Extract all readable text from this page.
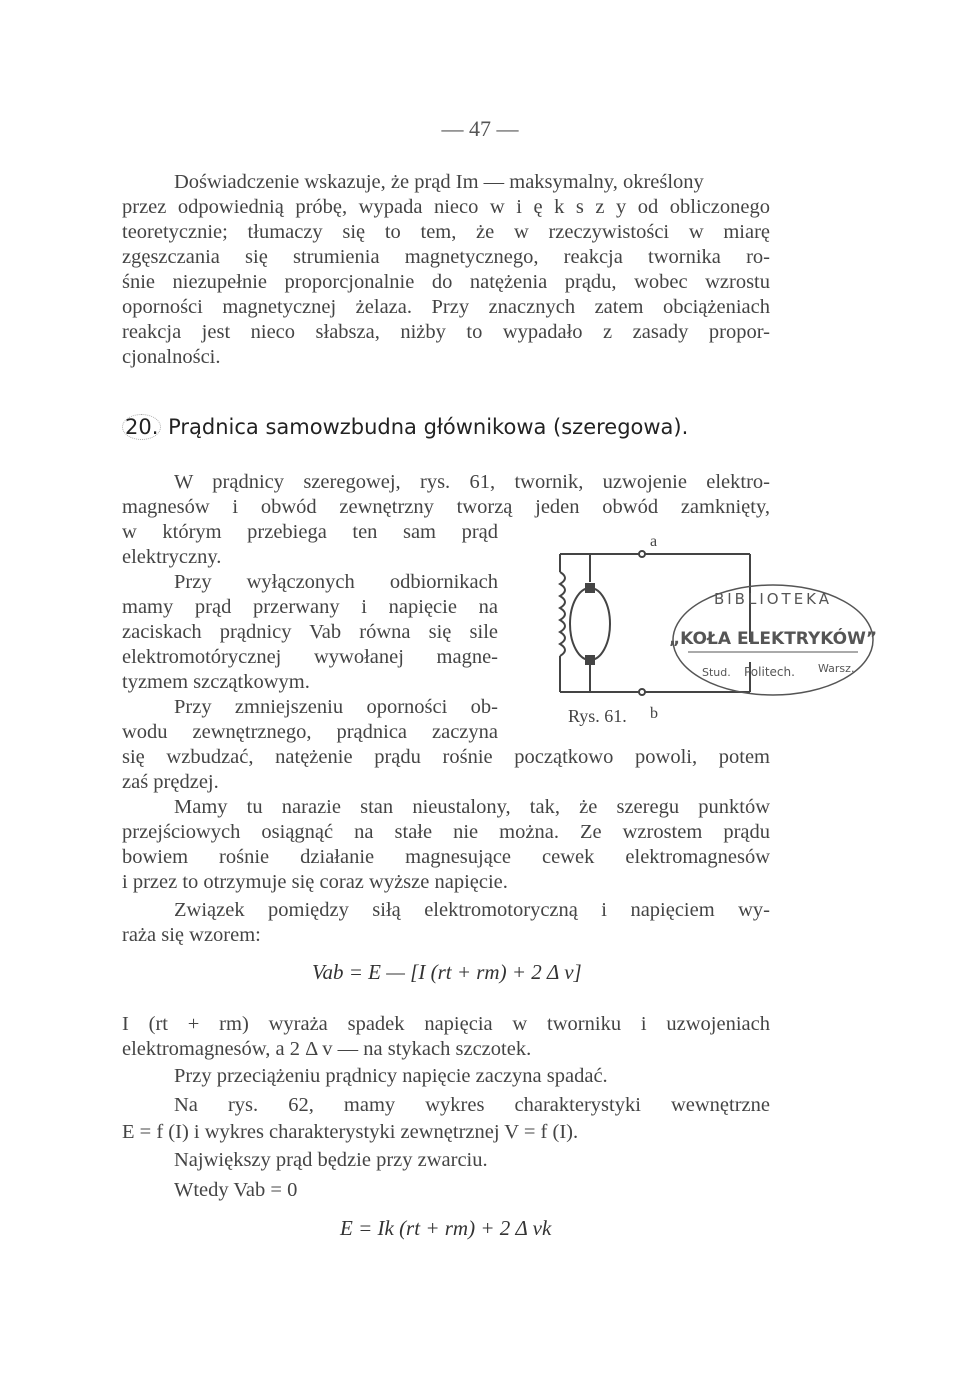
— 47 —
Doświadczenie wskazuje, że prąd Im — maksymalny, określony
przez odpowiednią próbę, wypada nieco w i ę k s z y od obliczonego
teoretycznie; tłumaczy się to tem, że w rzeczywistości w miarę
zgęszczania się strumienia magnetycznego, reakcja twornika ro-
śnie niezupełnie proporcjonalnie do natężenia prądu, wobec wzrostu
oporności magnetycznej żelaza. Przy znacznych zatem obciążeniach
reakcja jest nieco słabsza, niżby to wypadało z zasady propor-
cjonalności.
20. Prądnica samowzbudna głównikowa (szeregowa).
W prądnicy szeregowej, rys. 61, twornik, uzwojenie elektro-
magnesów i obwód zewnętrzny tworzą jeden obwód zamknięty,
w którym przebiega ten sam prąd
elektryczny.
Przy wyłączonych odbiornikach
mamy prąd przerwany i napięcie na
zaciskach prądnicy Vab równa się sile
elektromotórycznej wywołanej magne-
tyzmem szczątkowym.
Przy zmniejszeniu oporności ob-
wodu zewnętrznego, prądnica zaczyna
się wzbudzać, natężenie prądu rośnie początkowo powoli, potem
zaś prędzej.
Mamy tu narazie stan nieustalony, tak, że szeregu punktów
przejściowych osiągnąć na stałe nie można. Ze wzrostem prądu
bowiem rośnie działanie magnesujące cewek elektromagnesów
i przez to otrzymuje się coraz wyższe napięcie.
Związek pomiędzy siłą elektromotoryczną i napięciem wy-
raża się wzorem:
Vab = E — [I (rt + rm) + 2 Δ v]
I (rt + rm) wyraża spadek napięcia w tworniku i uzwojeniach
elektromagnesów, a 2 Δ v — na stykach szczotek.
Przy przeciążeniu prądnicy napięcie zaczyna spadać.
Na rys. 62, mamy wykres charakterystyki wewnętrzne
E = f (I) i wykres charakterystyki zewnętrznej V = f (I).
Największy prąd będzie przy zwarciu.
Wtedy Vab = 0
E = Ik (rt + rm) + 2 Δ vk
a
b
Rys. 61.
BIBLIOTEKA
„KOŁA ELEKTRYKÓW”
Stud. Politech. Warsz.
